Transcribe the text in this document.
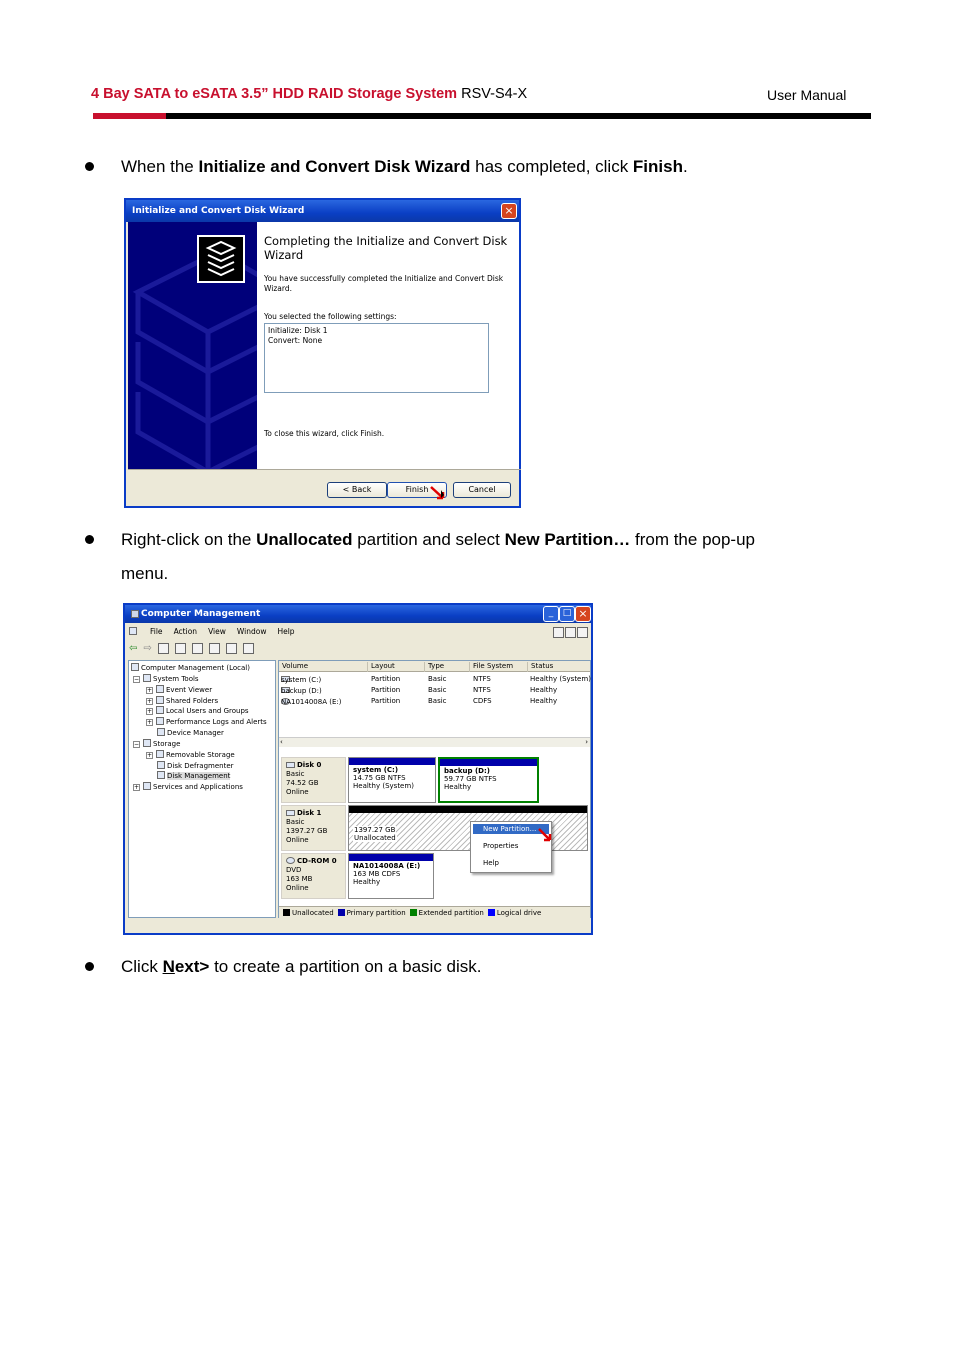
4 Bay SATA to eSATA 3.5” HDD RAID Storage System RSV-S4-X	User Manual
When the Initialize and Convert Disk Wizard has completed, click Finish.
Initialize and Convert Disk Wizard	×
Completing the Initialize and Convert Disk Wizard
You have successfully completed the Initialize and Convert Disk Wizard.
You selected the following settings:
Initialize: Disk 1
Convert: None
To close this wizard, click Finish.
< Back	Finish	Cancel
Right-click on the Unallocated partition and select New Partition… from the pop-up
menu.
Computer Management	_	□ ×
File Action View Window Help
⇦ ⇨
Computer Management (Local)
− System Tools
+ Event Viewer
+ Shared Folders
+ Local Users and Groups
+ Performance Logs and Alerts
Device Manager
− Storage
+ Removable Storage
Disk Defragmenter
Disk Management
+ Services and Applications
Volume	Layout	Type	File System	Status
system (C:)	Partition	Basic	NTFS	Healthy (System)
backup (D:)	Partition	Basic	NTFS	Healthy
NA1014008A (E:)	Partition	Basic	CDFS	Healthy
‹	›
Disk 0
Basic
74.52 GB
Online
system (C:)
14.75 GB NTFS
Healthy (System)
backup (D:)
59.77 GB NTFS
Healthy
Disk 1
Basic
1397.27 GB
Online
1397.27 GB
Unallocated
CD-ROM 0
DVD
163 MB
Online
NA1014008A (E:)
163 MB CDFS
Healthy
Unallocated	Primary partition	Extended partition	Logical drive
New Partition...
Properties
Help
Click Next> to create a partition on a basic disk.
